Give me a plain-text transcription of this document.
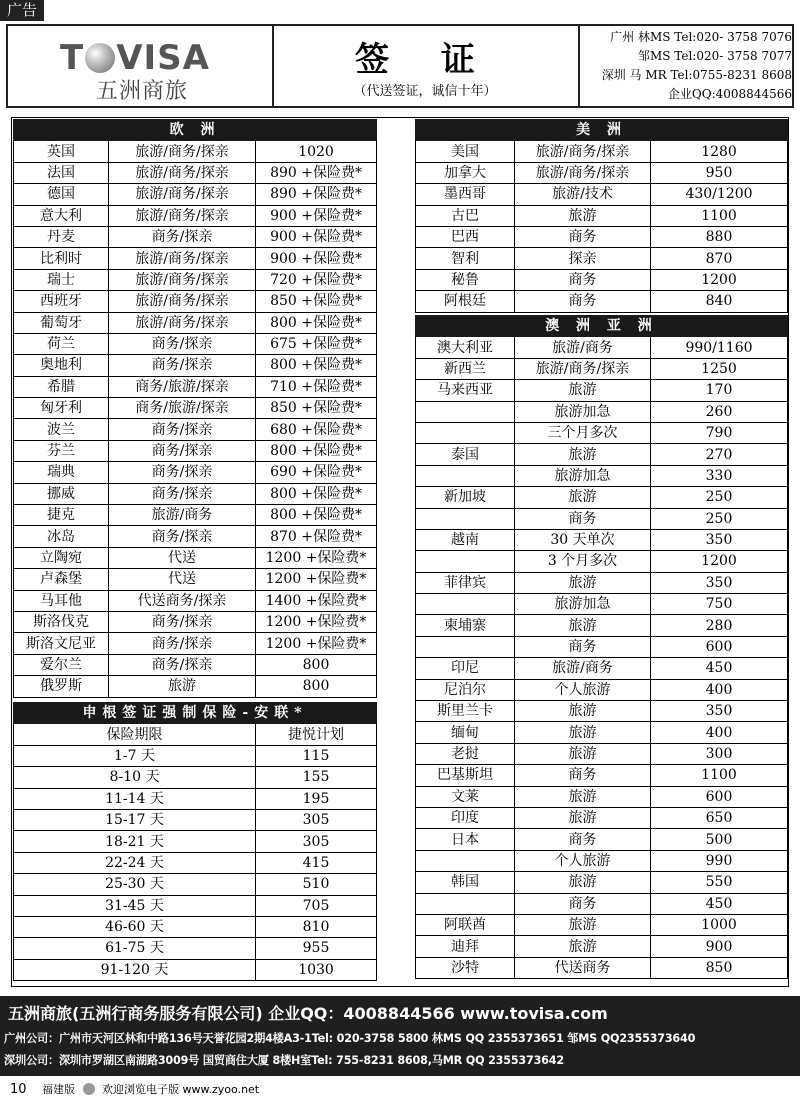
广告
T VISA
五洲商旅
签 证
（代送签证，诚信十年）
广州 林MS Tel:020- 3758 7076
邹MS Tel:020- 3758 7077
深圳 马 MR Tel:0755-8231 8608
企业QQ:4008844566
欧 洲		
英国	旅游/商务/探亲	1020
法国	旅游/商务/探亲	890 +保险费*
德国	旅游/商务/探亲	890 +保险费*
意大利	旅游/商务/探亲	900 +保险费*
丹麦	商务/探亲	900 +保险费*
比利时	旅游/商务/探亲	900 +保险费*
瑞士	旅游/商务/探亲	720 +保险费*
西班牙	旅游/商务/探亲	850 +保险费*
葡萄牙	旅游/商务/探亲	800 +保险费*
荷兰	商务/探亲	675 +保险费*
奥地利	商务/探亲	800 +保险费*
希腊	商务/旅游/探亲	710 +保险费*
匈牙利	商务/旅游/探亲	850 +保险费*
波兰	商务/探亲	680 +保险费*
芬兰	商务/探亲	800 +保险费*
瑞典	商务/探亲	690 +保险费*
挪威	商务/探亲	800 +保险费*
捷克	旅游/商务	800 +保险费*
冰岛	商务/探亲	870 +保险费*
立陶宛	代送	1200 +保险费*
卢森堡	代送	1200 +保险费*
马耳他	代送商务/探亲	1400 +保险费*
斯洛伐克	商务/探亲	1200 +保险费*
斯洛文尼亚	商务/探亲	1200 +保险费*
爱尔兰	商务/探亲	800
俄罗斯	旅游	800
申根签证强制保险-安联*	
保险期限	捷悦计划
1-7 天	115
8-10 天	155
11-14 天	195
15-17 天	305
18-21 天	305
22-24 天	415
25-30 天	510
31-45 天	705
46-60 天	810
61-75 天	955
91-120 天	1030
美 洲		
美国	旅游/商务/探亲	1280
加拿大	旅游/商务/探亲	950
墨西哥	旅游/技术	430/1200
古巴	旅游	1100
巴西	商务	880
智利	探亲	870
秘鲁	商务	1200
阿根廷	商务	840
澳 洲 亚 洲		
澳大利亚	旅游/商务	990/1160
新西兰	旅游/商务/探亲	1250
马来西亚	旅游	170
	旅游加急	260
	三个月多次	790
泰国	旅游	270
	旅游加急	330
新加坡	旅游	250
	商务	250
越南	30 天单次	350
	3 个月多次	1200
菲律宾	旅游	350
	旅游加急	750
柬埔寨	旅游	280
	商务	600
印尼	旅游/商务	450
尼泊尔	个人旅游	400
斯里兰卡	旅游	350
缅甸	旅游	400
老挝	旅游	300
巴基斯坦	商务	1100
文莱	旅游	600
印度	旅游	650
日本	商务	500
	个人旅游	990
韩国	旅游	550
	商务	450
阿联酋	旅游	1000
迪拜	旅游	900
沙特	代送商务	850
五洲商旅(五洲行商务服务有限公司) 企业QQ：4008844566 www.tovisa.com
广州公司：广州市天河区林和中路136号天誉花园2期4楼A3-1Tel: 020-3758 5800 林MS QQ 2355373651 邹MS QQ2355373640
深圳公司：深圳市罗湖区南湖路3009号 国贸商住大厦 8楼H室Tel: 755-8231 8608,马MR QQ 2355373642
10 福建版 欢迎浏览电子版 www.zyoo.net
